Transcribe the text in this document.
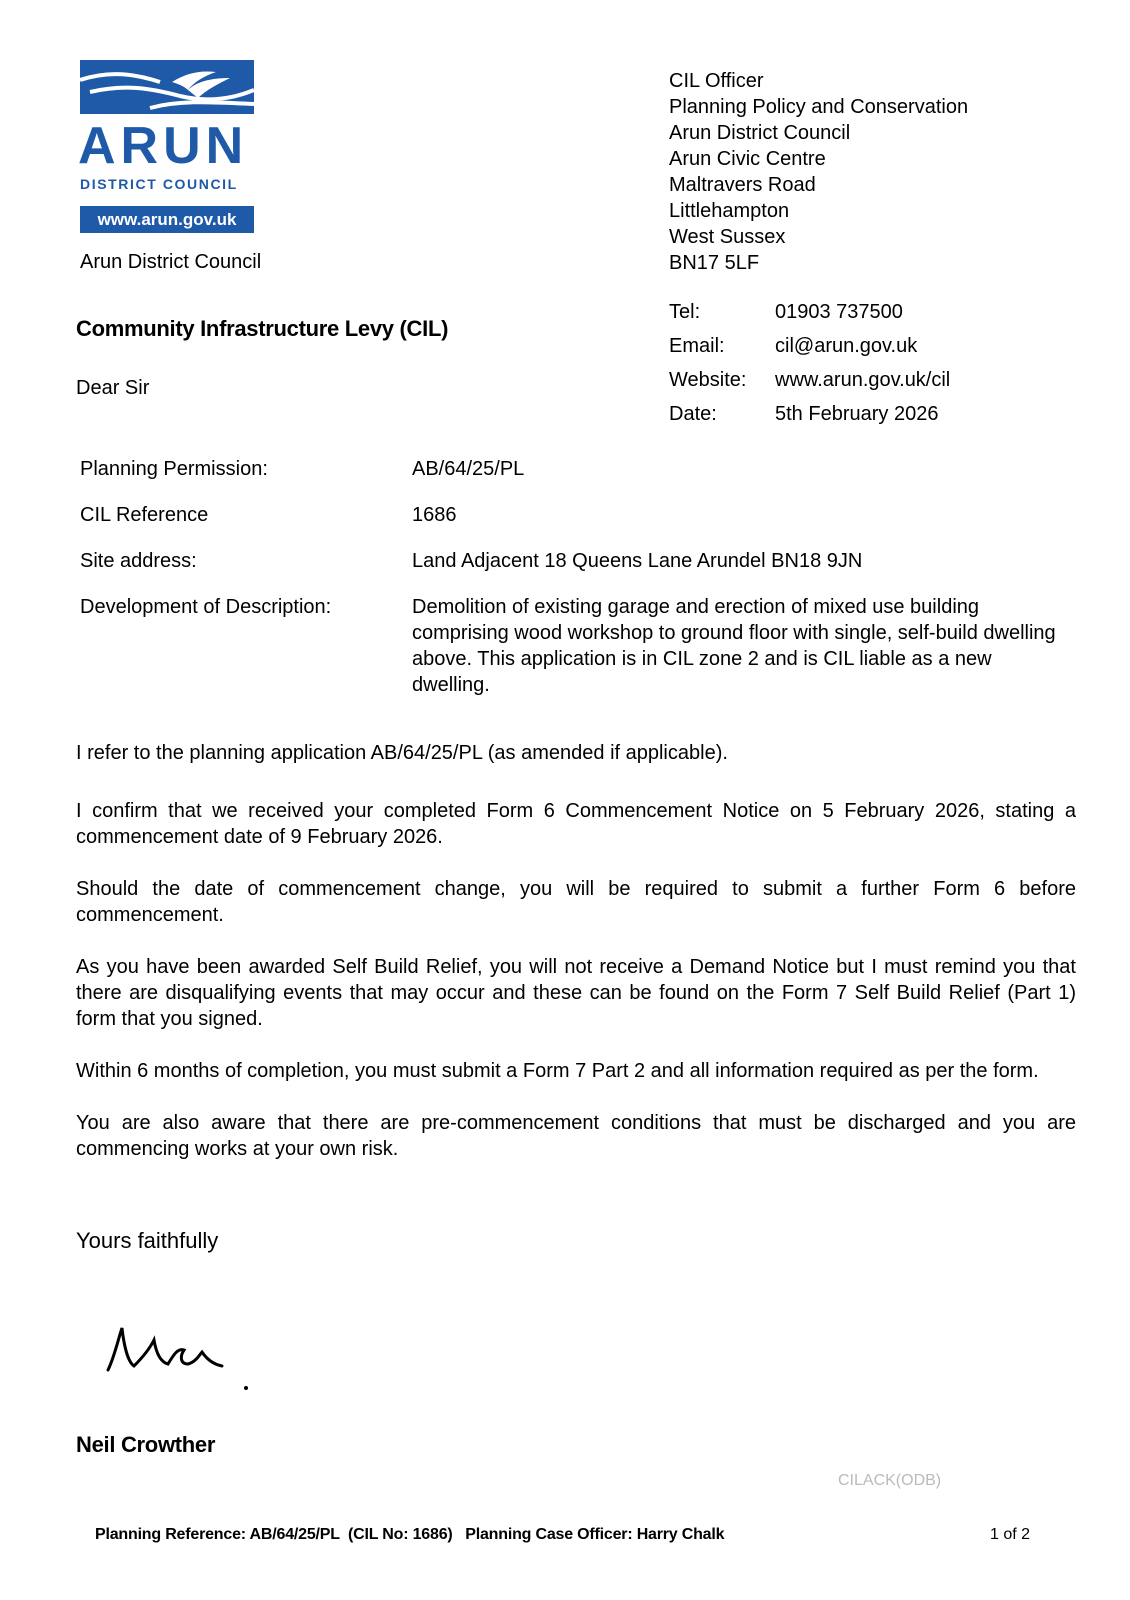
ARUN
DISTRICT COUNCIL
www.arun.gov.uk
Arun District Council
CIL Officer
Planning Policy and Conservation
Arun District Council
Arun Civic Centre
Maltravers Road
Littlehampton
West Sussex
BN17 5LF
Tel:	01903 737500
Email:	cil@arun.gov.uk
Website:	www.arun.gov.uk/cil
Date:	5th February 2026
Community Infrastructure Levy (CIL)
Dear Sir
Planning Permission:	AB/64/25/PL
CIL Reference	1686
Site address:	Land Adjacent 18 Queens Lane Arundel BN18 9JN
Development of Description:	Demolition of existing garage and erection of mixed use building comprising wood workshop to ground floor with single, self-build dwelling above. This application is in CIL zone 2 and is CIL liable as a new dwelling.

I refer to the planning application AB/64/25/PL (as amended if applicable).

I confirm that we received your completed Form 6 Commencement Notice on 5 February 2026, stating a commencement date of 9 February 2026.

Should the date of commencement change, you will be required to submit a further Form 6 before commencement.

As you have been awarded Self Build Relief, you will not receive a Demand Notice but I must remind you that there are disqualifying events that may occur and these can be found on the Form 7 Self Build Relief (Part 1) form that you signed.

Within 6 months of completion, you must submit a Form 7 Part 2 and all information required as per the form.

You are also aware that there are pre-commencement conditions that must be discharged and you are commencing works at your own risk.

Yours faithfully
Neil Crowther
CILACK(ODB)
Planning Reference: AB/64/25/PL  (CIL No: 1686)   Planning Case Officer: Harry Chalk	1 of 2
